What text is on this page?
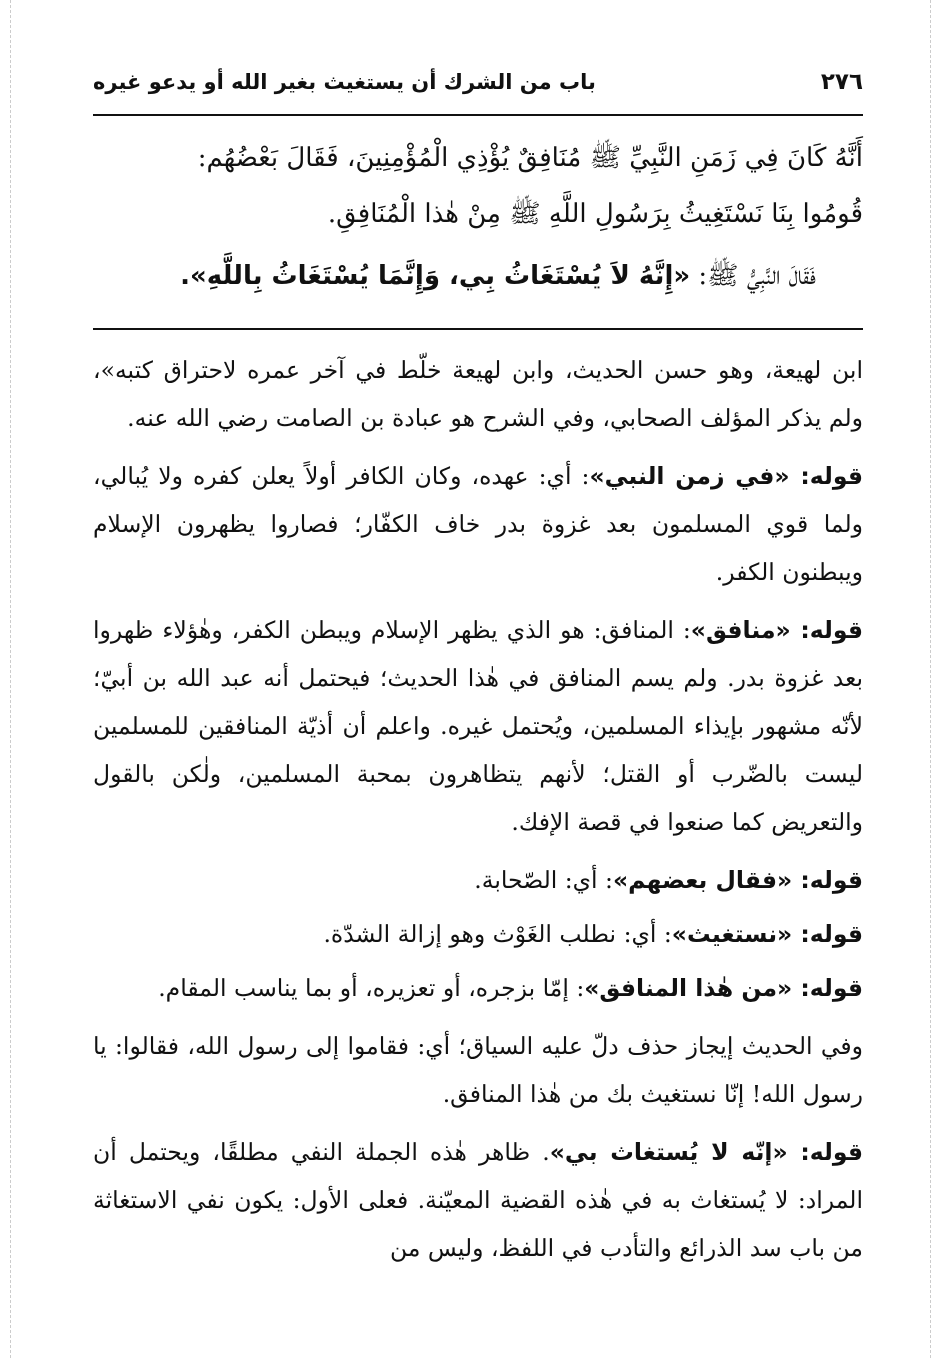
٢٧٦
باب من الشرك أن يستغيث بغير الله أو يدعو غيره

أَنَّهُ كَانَ فِي زَمَنِ النَّبِيِّ ﷺ مُنَافِقٌ يُؤْذِي الْمُؤْمِنِينَ، فَقَالَ بَعْضُهُم:

قُومُوا بِنَا نَسْتَغِيثُ بِرَسُولِ اللَّهِ ﷺ مِنْ هٰذا الْمُنَافِقِ.

فَقَالَ النَّبِيُّ ﷺ: «إِنَّهُ لاَ يُسْتَغَاثُ بِي، وَإِنَّمَا يُسْتَغَاثُ بِاللَّهِ».

ابن لهيعة، وهو حسن الحديث، وابن لهيعة خلّط في آخر عمره لاحتراق كتبه»، ولم يذكر المؤلف الصحابي، وفي الشرح هو عبادة بن الصامت رضي الله عنه.

قوله: «في زمن النبي»: أي: عهده، وكان الكافر أولاً يعلن كفره ولا يُبالي، ولما قوي المسلمون بعد غزوة بدر خاف الكفّار؛ فصاروا يظهرون الإسلام ويبطنون الكفر.

قوله: «منافق»: المنافق: هو الذي يظهر الإسلام ويبطن الكفر، وهٰؤلاء ظهروا بعد غزوة بدر. ولم يسم المنافق في هٰذا الحديث؛ فيحتمل أنه عبد الله بن أبيّ؛ لأنّه مشهور بإيذاء المسلمين، ويُحتمل غيره. واعلم أن أذيّة المنافقين للمسلمين ليست بالضّرب أو القتل؛ لأنهم يتظاهرون بمحبة المسلمين، ولٰكن بالقول والتعريض كما صنعوا في قصة الإفك.

قوله: «فقال بعضهم»: أي: الصّحابة.

قوله: «نستغيث»: أي: نطلب الغَوْث وهو إزالة الشدّة.

قوله: «من هٰذا المنافق»: إمّا بزجره، أو تعزيره، أو بما يناسب المقام.

وفي الحديث إيجاز حذف دلّ عليه السياق؛ أي: فقاموا إلى رسول الله، فقالوا: يا رسول الله! إنّا نستغيث بك من هٰذا المنافق.

قوله: «إنّه لا يُستغاث بي». ظاهر هٰذه الجملة النفي مطلقًا، ويحتمل أن المراد: لا يُستغاث به في هٰذه القضية المعيّنة. فعلى الأول: يكون نفي الاستغاثة من باب سد الذرائع والتأدب في اللفظ، وليس من
